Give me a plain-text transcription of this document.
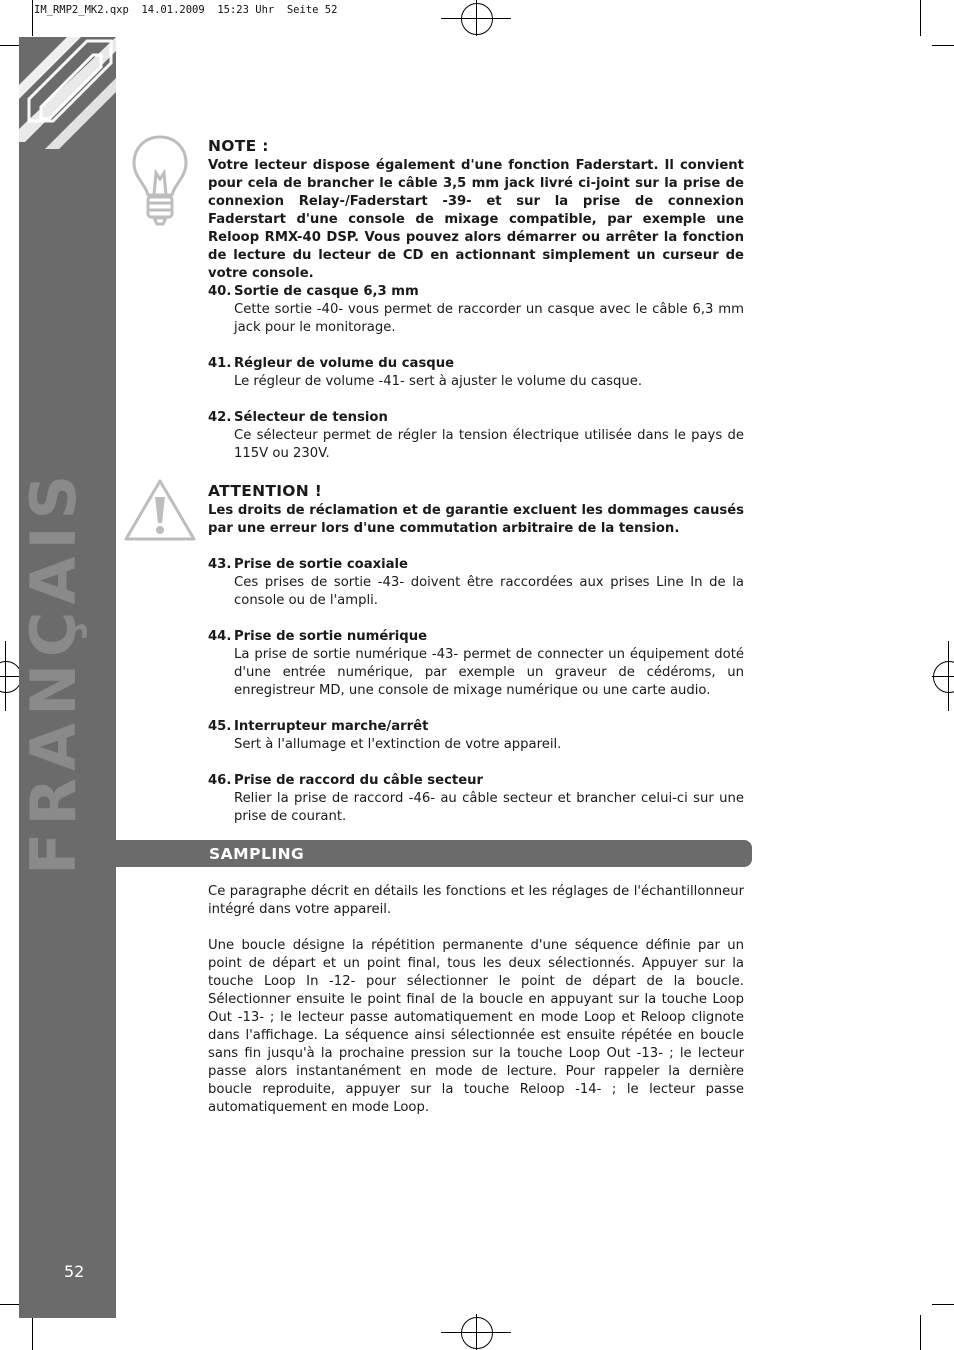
IM_RMP2_MK2.qxp  14.01.2009  15:23 Uhr  Seite 52
FRANÇAIS
52
NOTE :
Votre lecteur dispose également d'une fonction Faderstart. Il convient pour cela de brancher le câble 3,5 mm jack livré ci-joint sur la prise de connexion Relay-/Faderstart -39- et sur la prise de connexion Faderstart d'une console de mixage compatible, par exemple une Reloop RMX-40 DSP. Vous pouvez alors démarrer ou arrêter la fonction de lecture du lecteur de CD en actionnant simplement un curseur de votre console.
40. Sortie de casque 6,3 mm
Cette sortie -40- vous permet de raccorder un casque avec le câble 6,3 mm jack pour le monitorage.
41. Régleur de volume du casque
Le régleur de volume -41- sert à ajuster le volume du casque.
42. Sélecteur de tension
Ce sélecteur permet de régler la tension électrique utilisée dans le pays de 115V ou 230V.
ATTENTION !
Les droits de réclamation et de garantie excluent les dommages causés par une erreur lors d'une commutation arbitraire de la tension.
43. Prise de sortie coaxiale
Ces prises de sortie -43- doivent être raccordées aux prises Line In de la console ou de l'ampli.
44. Prise de sortie numérique
La prise de sortie numérique -43- permet de connecter un équipement doté d'une entrée numérique, par exemple un graveur de cédéroms, un enregistreur MD, une console de mixage numérique ou une carte audio.
45. Interrupteur marche/arrêt
Sert à l'allumage et l'extinction de votre appareil.
46. Prise de raccord du câble secteur
Relier la prise de raccord -46- au câble secteur et brancher celui-ci sur une prise de courant.
SAMPLING
Ce paragraphe décrit en détails les fonctions et les réglages de l'échantillonneur intégré dans votre appareil.
Une boucle désigne la répétition permanente d'une séquence définie par un point de départ et un point final, tous les deux sélectionnés. Appuyer sur la touche Loop In -12- pour sélectionner le point de départ de la boucle. Sélectionner ensuite le point final de la boucle en appuyant sur la touche Loop Out -13- ; le lecteur passe automatiquement en mode Loop et Reloop clignote dans l'affichage. La séquence ainsi sélectionnée est ensuite répétée en boucle sans fin jusqu'à la prochaine pression sur la touche Loop Out -13- ; le lecteur passe alors instantanément en mode de lecture. Pour rappeler la dernière boucle reproduite, appuyer sur la touche Reloop -14- ; le lecteur passe automatiquement en mode Loop.
